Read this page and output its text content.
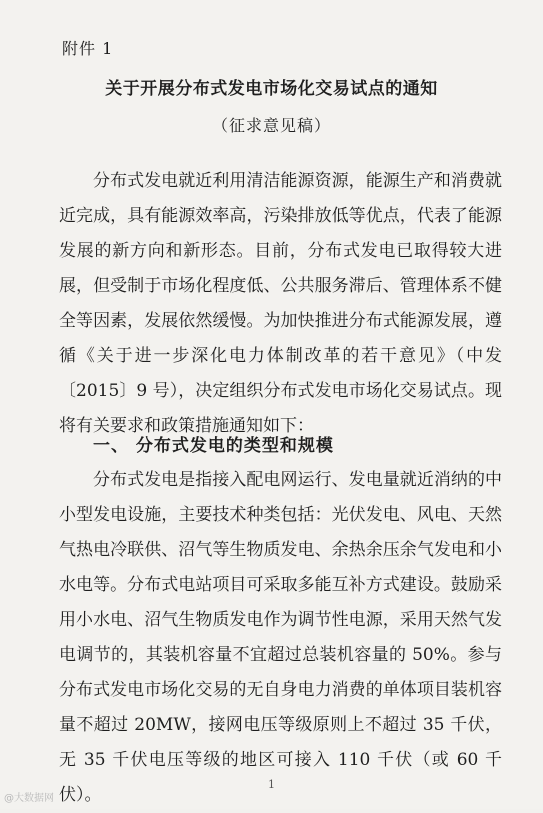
附件 1
关于开展分布式发电市场化交易试点的通知
（征求意见稿）

分布式发电就近利用清洁能源资源，能源生产和消费就近完成，具有能源效率高，污染排放低等优点，代表了能源发展的新方向和新形态。目前，分布式发电已取得较大进展，但受制于市场化程度低、公共服务滞后、管理体系不健全等因素，发展依然缓慢。为加快推进分布式能源发展，遵循《关于进一步深化电力体制改革的若干意见》（中发〔2015〕9 号），决定组织分布式发电市场化交易试点。现将有关要求和政策措施通知如下：

一、 分布式发电的类型和规模

分布式发电是指接入配电网运行、发电量就近消纳的中小型发电设施，主要技术种类包括：光伏发电、风电、天然气热电冷联供、沼气等生物质发电、余热余压余气发电和小水电等。分布式电站项目可采取多能互补方式建设。鼓励采用小水电、沼气生物质发电作为调节性电源，采用天然气发电调节的，其装机容量不宜超过总装机容量的 50%。参与分布式发电市场化交易的无自身电力消费的单体项目装机容量不超过 20MW，接网电压等级原则上不超过 35 千伏，无 35 千伏电压等级的地区可接入 110 千伏（或 60 千伏）。

1
@大数据网
